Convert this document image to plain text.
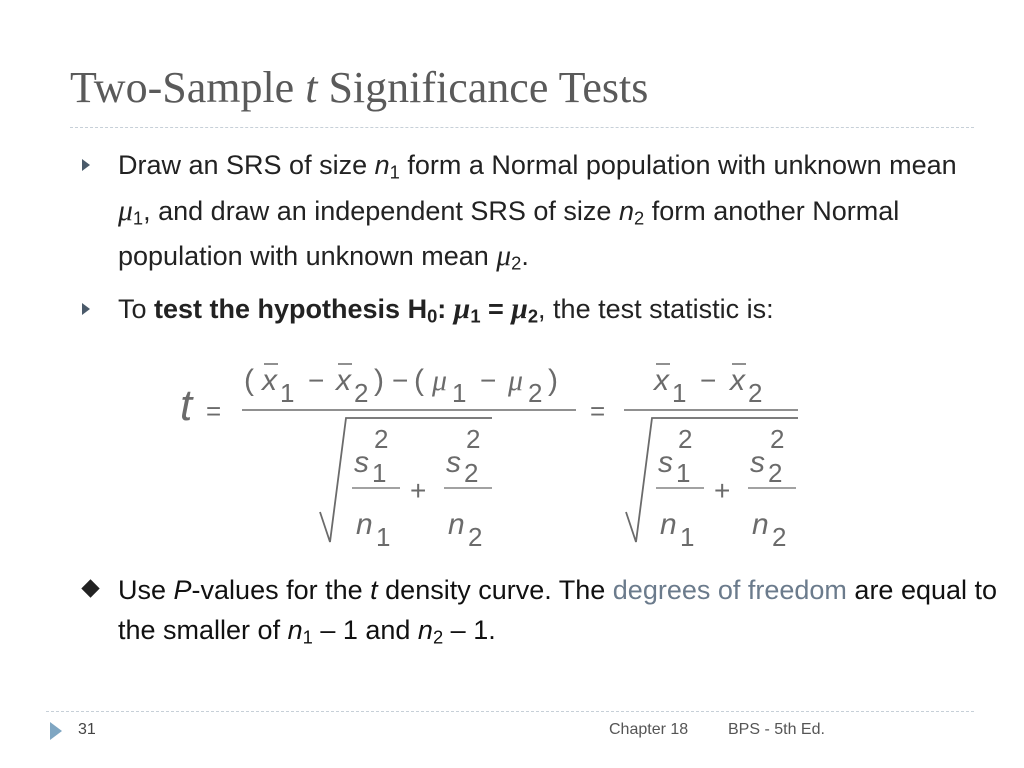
Two-Sample t Significance Tests
Draw an SRS of size $n_1$ form a Normal population with unknown mean $\mu_1$, and draw an independent SRS of size $n_2$ form another Normal population with unknown mean $\mu_2$.
To test the hypothesis $H_0$: $\mu_1 = \mu_2$, the test statistic is:
t =
( x 1 − x 2 ) − ( μ 1 − μ 2 )
s
2
1
n 1
+
s
2
2
n 2
=
x 1 − x 2
s
2
1
n 1
+
s
2
2
n 2
Use P-values for the t density curve. The degrees of freedom are equal to the smaller of $n_1 - 1$ and $n_2 - 1$.
31	Chapter 18 BPS - 5th Ed.
